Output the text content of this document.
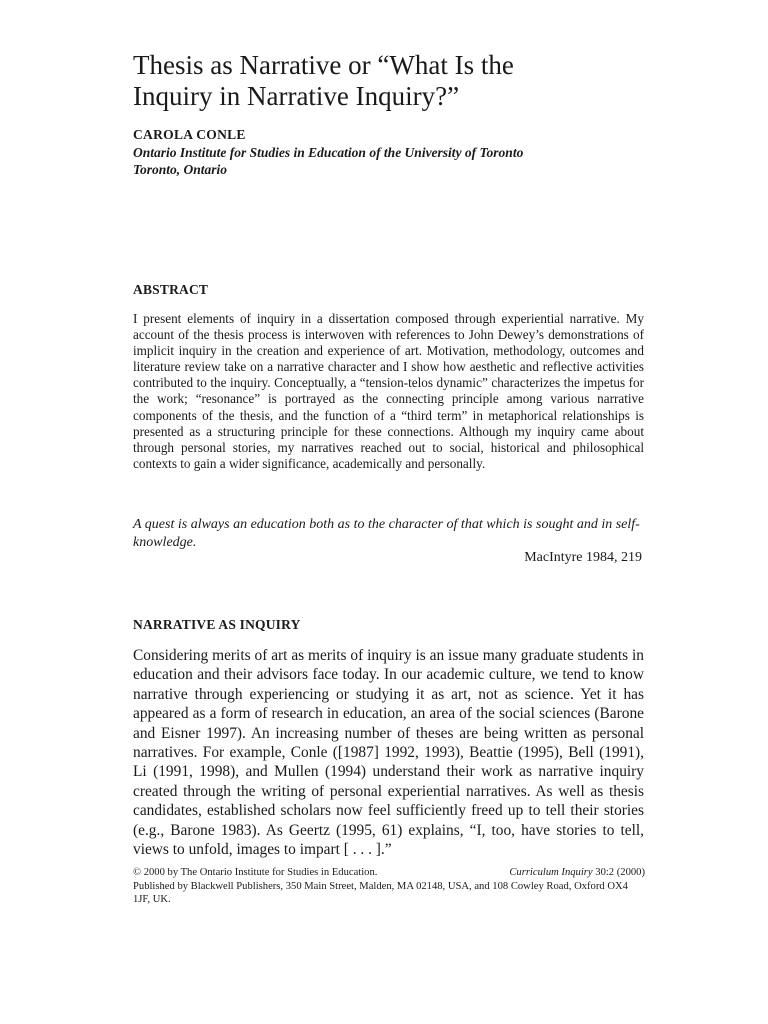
Thesis as Narrative or “What Is the
Inquiry in Narrative Inquiry?”

CAROLA CONLE

Ontario Institute for Studies in Education of the University of Toronto

Toronto, Ontario

ABSTRACT

I present elements of inquiry in a dissertation composed through experiential narrative. My account of the thesis process is interwoven with references to John Dewey’s demonstrations of implicit inquiry in the creation and experience of art. Motivation, methodology, outcomes and literature review take on a narrative character and I show how aesthetic and reflective activities contributed to the inquiry. Conceptually, a “tension-telos dynamic” characterizes the impetus for the work; “resonance” is portrayed as the connecting principle among various narrative components of the thesis, and the function of a “third term” in metaphorical relationships is presented as a structuring principle for these connections. Although my inquiry came about through personal stories, my narratives reached out to social, historical and philosophical contexts to gain a wider significance, academically and personally.

A quest is always an education both as to the character of that which is sought and in self-knowledge.

MacIntyre 1984, 219

NARRATIVE AS INQUIRY

Considering merits of art as merits of inquiry is an issue many graduate students in education and their advisors face today. In our academic culture, we tend to know narrative through experiencing or studying it as art, not as science. Yet it has appeared as a form of research in education, an area of the social sciences (Barone and Eisner 1997). An increasing number of theses are being written as personal narratives. For example, Conle ([1987] 1992, 1993), Beattie (1995), Bell (1991), Li (1991, 1998), and Mullen (1994) understand their work as narrative inquiry created through the writing of personal experiential narratives. As well as thesis candidates, established scholars now feel sufficiently freed up to tell their stories (e.g., Barone 1983). As Geertz (1995, 61) explains, “I, too, have stories to tell, views to unfold, images to impart [ . . . ].”

© 2000 by The Ontario Institute for Studies in Education.	Curriculum Inquiry 30:2 (2000)
Published by Blackwell Publishers, 350 Main Street, Malden, MA 02148, USA, and 108 Cowley Road, Oxford OX4 1JF, UK.
